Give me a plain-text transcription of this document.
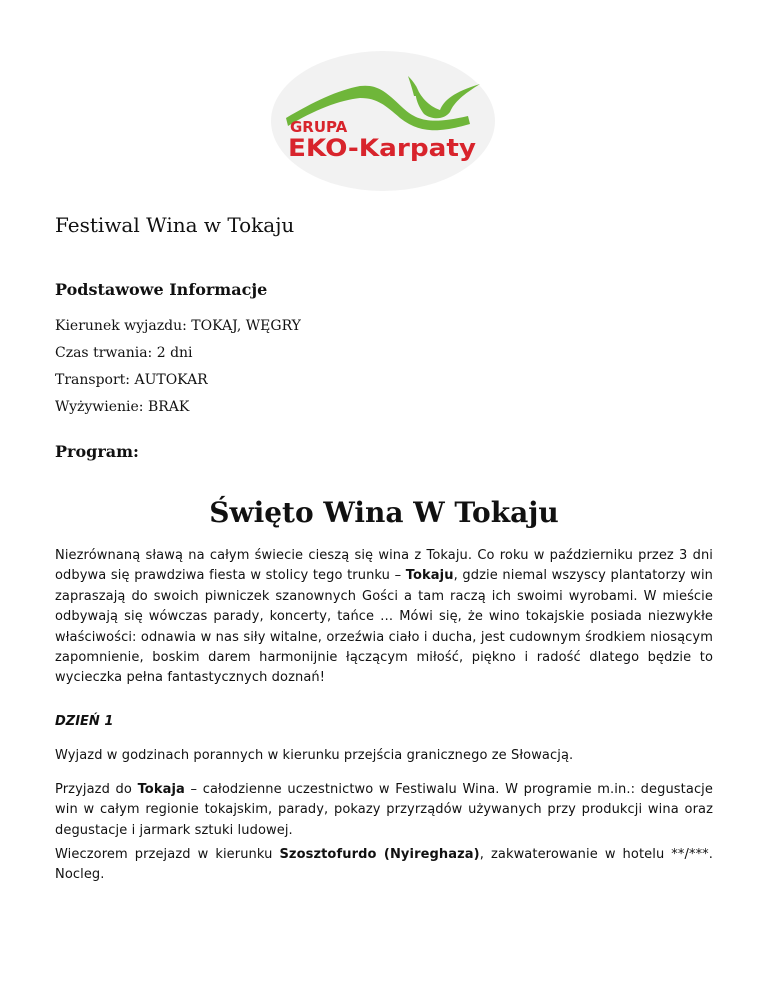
GRUPA
EKO-Karpaty
Festiwal Wina w Tokaju
Podstawowe Informacje

Kierunek wyjazdu: TOKAJ, WĘGRY

Czas trwania: 2 dni

Transport: AUTOKAR

Wyżywienie: BRAK

Program:
Święto Wina W Tokaju

Niezrównaną sławą na całym świecie cieszą się wina z Tokaju. Co roku w październiku przez 3 dni odbywa się prawdziwa fiesta w stolicy tego trunku – Tokaju, gdzie niemal wszyscy plantatorzy win zapraszają do swoich piwniczek szanownych Gości a tam raczą ich swoimi wyrobami. W mieście odbywają się wówczas parady, koncerty, tańce … Mówi się, że wino tokajskie posiada niezwykłe właściwości: odnawia w nas siły witalne, orzeźwia ciało i ducha, jest cudownym środkiem niosącym zapomnienie, boskim darem harmonijnie łączącym miłość, piękno i radość dlatego będzie to wycieczka pełna fantastycznych doznań!

DZIEŃ 1

Wyjazd w godzinach porannych w kierunku przejścia granicznego ze Słowacją.

Przyjazd do Tokaja – całodzienne uczestnictwo w Festiwalu Wina. W programie m.in.: degustacje win w całym regionie tokajskim, parady, pokazy przyrządów używanych przy produkcji wina oraz degustacje i jarmark sztuki ludowej.

Wieczorem przejazd w kierunku Szosztofurdo (Nyireghaza), zakwaterowanie w hotelu **/***. Nocleg.
